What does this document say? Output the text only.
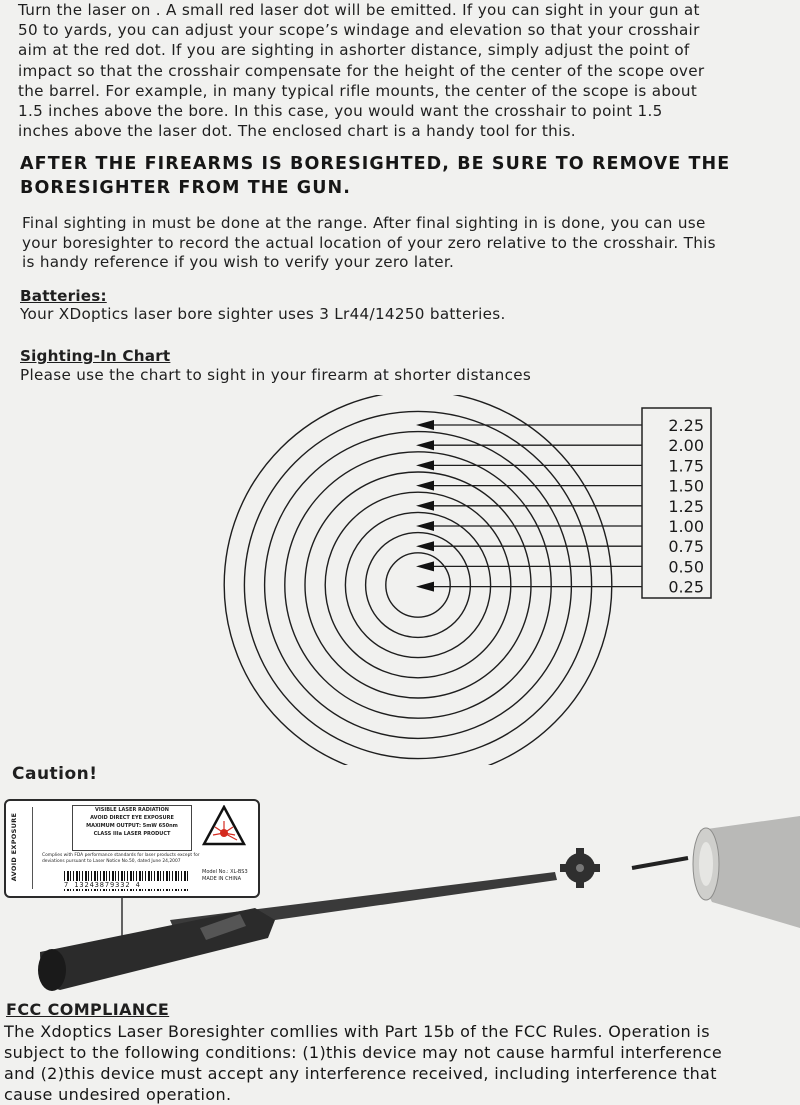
Turn the laser on . A small red laser dot will be emitted. If you can sight in your gun at
50 to yards, you can adjust your scope’s windage and elevation so that your crosshair
aim at the red dot. If you are sighting in ashorter distance, simply adjust the point of
impact so that the crosshair compensate for the height of the center of the scope over
the barrel. For example, in many typical rifle mounts, the center of the scope is about
1.5 inches above the bore. In this case, you would want the crosshair to point 1.5
inches above the laser dot. The enclosed chart is a handy tool for this.

AFTER THE FIREARMS IS BORESIGHTED, BE SURE TO REMOVE THE
BORESIGHTER FROM THE GUN.

Final sighting in must be done at the range. After final sighting in is done, you can use
your boresighter to record the actual location of your zero relative to the crosshair. This
is handy reference if you wish to verify your zero later.

Batteries:

Your XDoptics laser bore sighter uses 3 Lr44/14250 batteries.

Sighting-In Chart

Please use the chart to sight in your firearm at shorter distances

2.25
2.00
1.75
1.50
1.25
1.00
0.75
0.50
0.25

Caution!

AVOID EXPOSURE
VISIBLE LASER RADIATION
AVOID DIRECT EYE EXPOSURE
MAXIMUM OUTPUT: 5mW 650nm
CLASS IIIa LASER PRODUCT
Complies with FDA performance standards for laser products except for deviations pursuant to Laser Notice No.50, dated June 24,2007
7 13243879332 4
Model No.: XL-BS3
MADE IN CHINA

FCC COMPLIANCE

The Xdoptics Laser Boresighter comllies with Part 15b of the FCC Rules. Operation is
subject to the following conditions: (1)this device may not cause harmful interference
and (2)this device must accept any interference received, including interference that
cause undesired operation.
